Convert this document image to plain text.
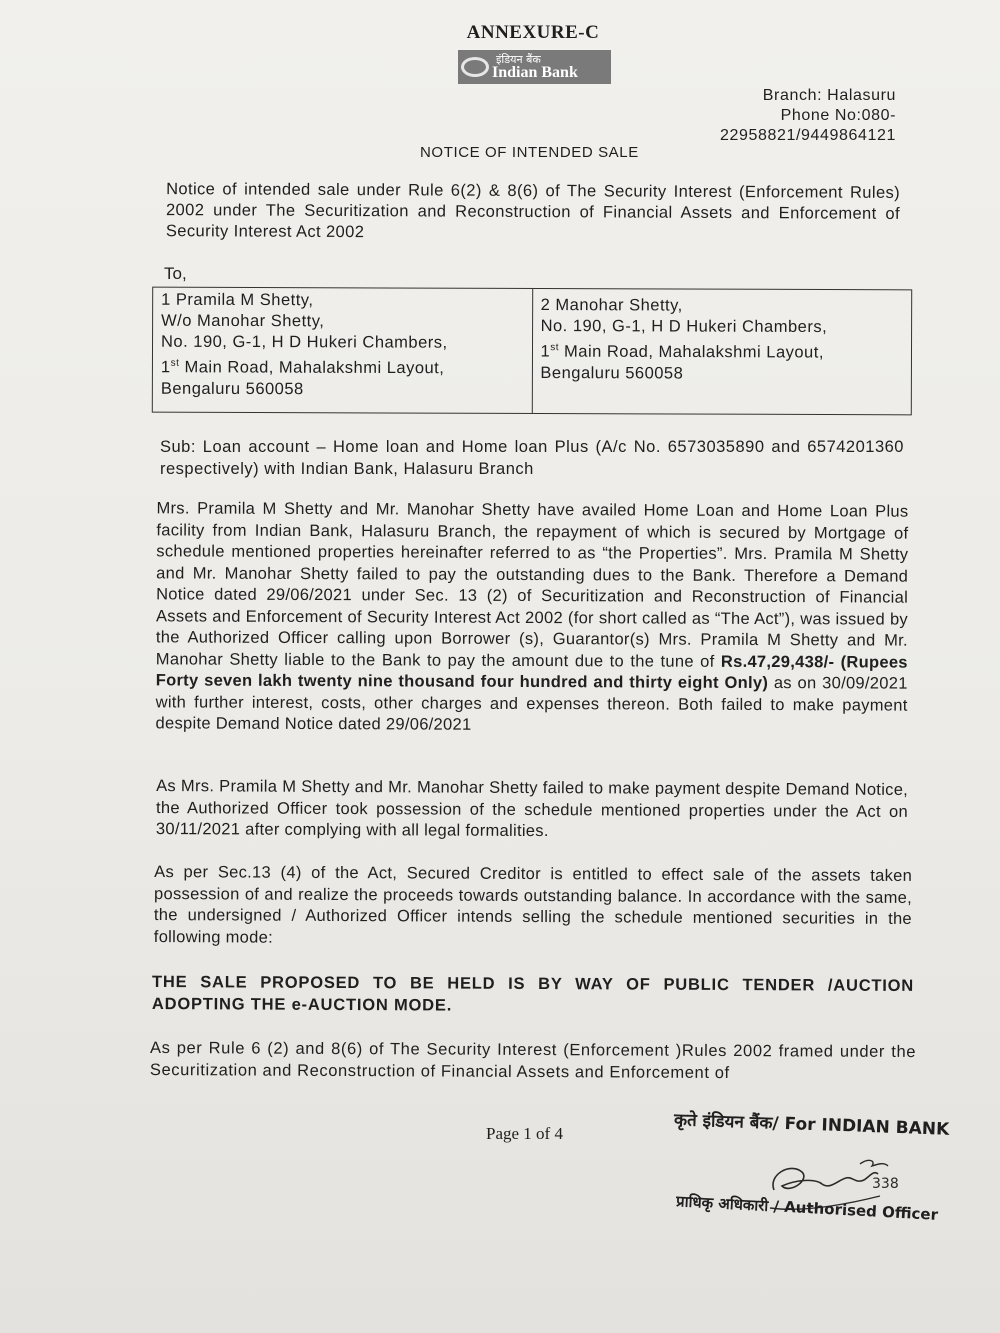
ANNEXURE-C
इंडियन बैंक
Indian Bank
Branch: Halasuru
Phone No:080-
22958821/9449864121
NOTICE OF INTENDED SALE
Notice of intended sale under Rule 6(2) & 8(6) of The Security Interest (Enforcement Rules) 2002 under The Securitization and Reconstruction of Financial Assets and Enforcement of Security Interest Act 2002
To,
1 Pramila M Shetty,
W/o Manohar Shetty,
No. 190, G-1, H D Hukeri Chambers,
1st Main Road, Mahalakshmi Layout,
Bengaluru 560058
2 Manohar Shetty,
No. 190, G-1, H D Hukeri Chambers,
1st Main Road, Mahalakshmi Layout,
Bengaluru 560058
Sub: Loan account – Home loan and Home loan Plus (A/c No. 6573035890 and 6574201360 respectively) with Indian Bank, Halasuru Branch
Mrs. Pramila M Shetty and Mr. Manohar Shetty have availed Home Loan and Home Loan Plus facility from Indian Bank, Halasuru Branch, the repayment of which is secured by Mortgage of schedule mentioned properties hereinafter referred to as “the Properties”. Mrs. Pramila M Shetty and Mr. Manohar Shetty failed to pay the outstanding dues to the Bank. Therefore a Demand Notice dated 29/06/2021 under Sec. 13 (2) of Securitization and Reconstruction of Financial Assets and Enforcement of Security Interest Act 2002 (for short called as “The Act”), was issued by the Authorized Officer calling upon Borrower (s), Guarantor(s) Mrs. Pramila M Shetty and Mr. Manohar Shetty liable to the Bank to pay the amount due to the tune of Rs.47,29,438/- (Rupees Forty seven lakh twenty nine thousand four hundred and thirty eight Only) as on 30/09/2021 with further interest, costs, other charges and expenses thereon. Both failed to make payment despite Demand Notice dated 29/06/2021
As Mrs. Pramila M Shetty and Mr. Manohar Shetty failed to make payment despite Demand Notice, the Authorized Officer took possession of the schedule mentioned properties under the Act on 30/11/2021 after complying with all legal formalities.
As per Sec.13 (4) of the Act, Secured Creditor is entitled to effect sale of the assets taken possession of and realize the proceeds towards outstanding balance. In accordance with the same, the undersigned / Authorized Officer intends selling the schedule mentioned securities in the following mode:
THE SALE PROPOSED TO BE HELD IS BY WAY OF PUBLIC TENDER /AUCTION ADOPTING THE e-AUCTION MODE.
As per Rule 6 (2) and 8(6) of The Security Interest (Enforcement )Rules 2002 framed under the Securitization and Reconstruction of Financial Assets and Enforcement of
Page 1 of 4	कृते इंडियन बैंक/ For INDIAN BANK
338
प्राधिकृ अधिकारी / Authorised Officer
